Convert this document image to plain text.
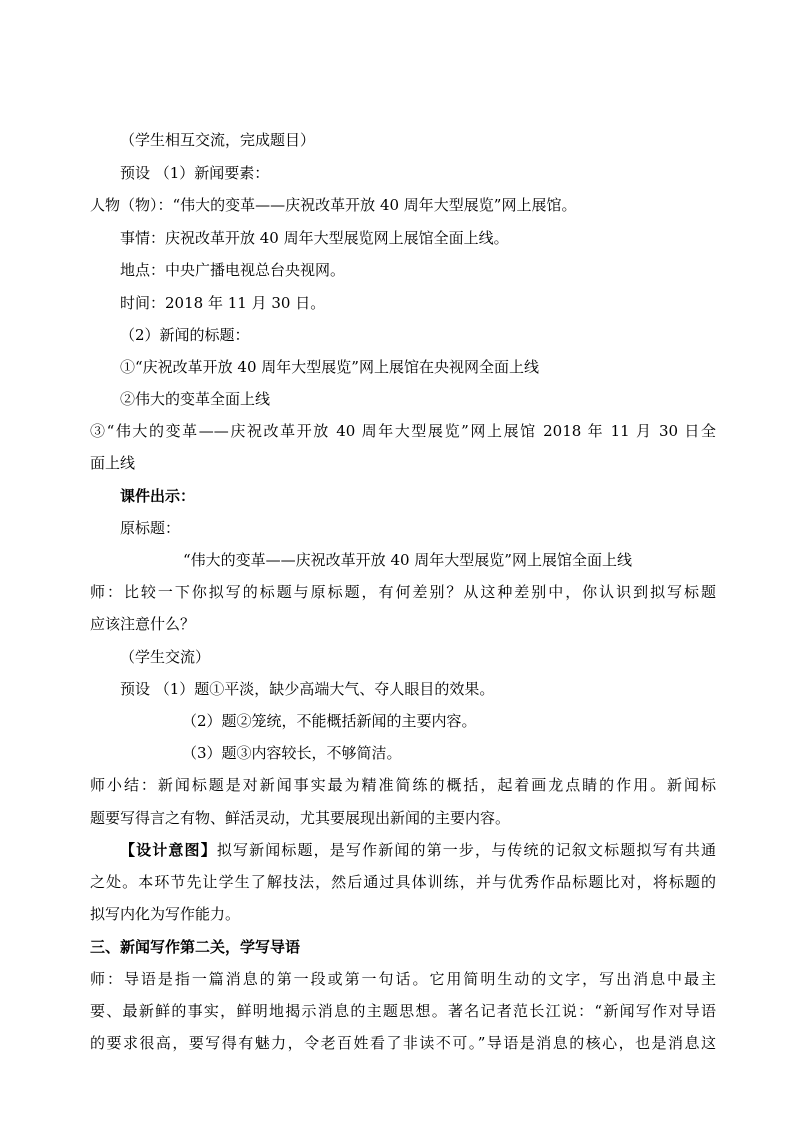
（学生相互交流，完成题目）
预设 （1）新闻要素：
人物（物）：“伟大的变革——庆祝改革开放 40 周年大型展览”网上展馆。
事情：庆祝改革开放 40 周年大型展览网上展馆全面上线。
地点：中央广播电视总台央视网。
时间：2018 年 11 月 30 日。
（2）新闻的标题：
①“庆祝改革开放 40 周年大型展览”网上展馆在央视网全面上线
②伟大的变革全面上线
③“伟大的变革——庆祝改革开放 40 周年大型展览”网上展馆 2018 年 11 月 30 日全
面上线
课件出示：
原标题：
“伟大的变革——庆祝改革开放 40 周年大型展览”网上展馆全面上线
师：比较一下你拟写的标题与原标题，有何差别？从这种差别中，你认识到拟写标题
应该注意什么？
（学生交流）
预设 （1）题①平淡，缺少高端大气、夺人眼目的效果。
（2）题②笼统，不能概括新闻的主要内容。
（3）题③内容较长，不够简洁。
师小结：新闻标题是对新闻事实最为精准简练的概括，起着画龙点睛的作用。新闻标
题要写得言之有物、鲜活灵动，尤其要展现出新闻的主要内容。
【设计意图】拟写新闻标题，是写作新闻的第一步，与传统的记叙文标题拟写有共通
之处。本环节先让学生了解技法，然后通过具体训练，并与优秀作品标题比对，将标题的
拟写内化为写作能力。
三、新闻写作第二关，学写导语
师：导语是指一篇消息的第一段或第一句话。它用简明生动的文字，写出消息中最主
要、最新鲜的事实，鲜明地揭示消息的主题思想。著名记者范长江说：“新闻写作对导语
的要求很高，要写得有魅力，令老百姓看了非读不可。”导语是消息的核心，也是消息这
